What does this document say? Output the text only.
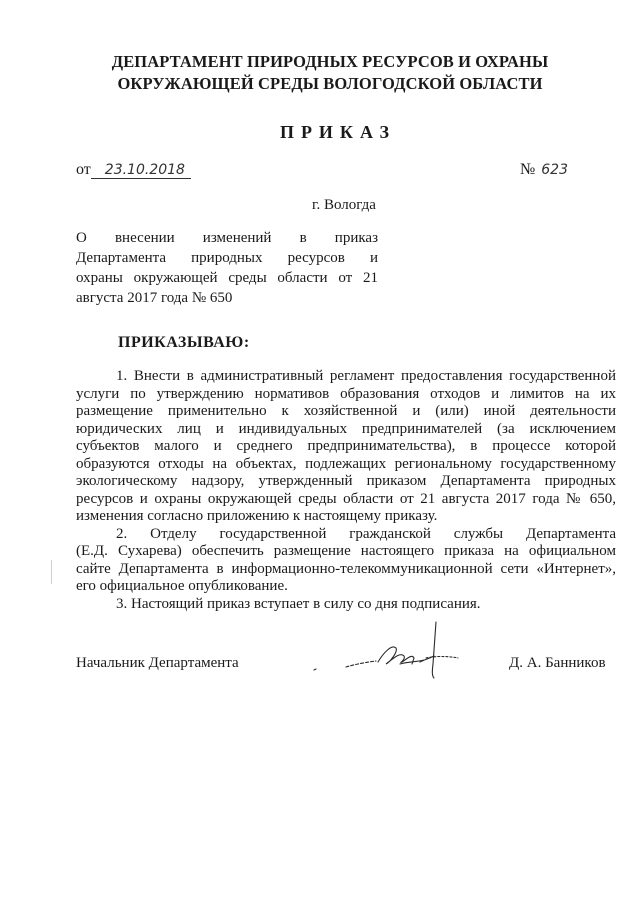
ДЕПАРТАМЕНТ ПРИРОДНЫХ РЕСУРСОВ И ОХРАНЫ
ОКРУЖАЮЩЕЙ СРЕДЫ ВОЛОГОДСКОЙ ОБЛАСТИ
ПРИКАЗ
от 23.10.2018	№ 623
г. Вологда
О внесении изменений в приказ
Департамента природных ресурсов и
охраны окружающей среды области от 21
августа 2017 года № 650
ПРИКАЗЫВАЮ:
1. Внести в административный регламент предоставления государственной
услуги по утверждению нормативов образования отходов и лимитов на их
размещение применительно к хозяйственной и (или) иной деятельности
юридических лиц и индивидуальных предпринимателей (за исключением
субъектов малого и среднего предпринимательства), в процессе которой
образуются отходы на объектах, подлежащих региональному государственному
экологическому надзору, утвержденный приказом Департамента природных
ресурсов и охраны окружающей среды области от 21 августа 2017 года № 650,
изменения согласно приложению к настоящему приказу.
2. Отделу государственной гражданской службы Департамента
(Е.Д. Сухарева) обеспечить размещение настоящего приказа на официальном
сайте Департамента в информационно-телекоммуникационной сети «Интернет»,
его официальное опубликование.
3. Настоящий приказ вступает в силу со дня подписания.
Начальник Департамента	Д. А. Банников
